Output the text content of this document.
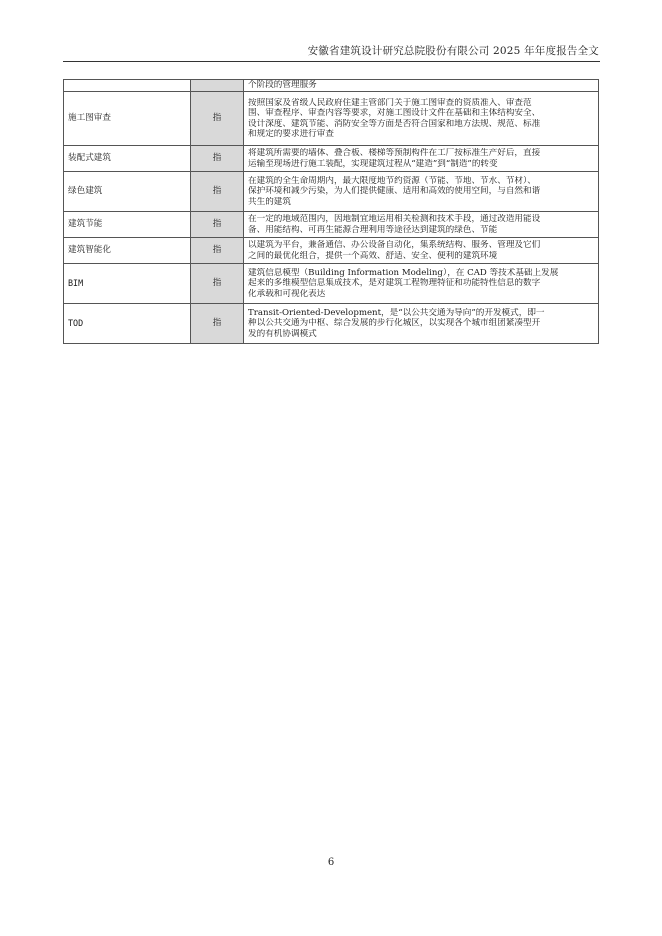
安徽省建筑设计研究总院股份有限公司 2025 年年度报告全文

		个阶段的管理服务

施工图审查	指	按照国家及省级人民政府住建主管部门关于施工图审查的资质准入、审查范
围、审查程序、审查内容等要求，对施工图设计文件在基础和主体结构安全、
设计深度、建筑节能、消防安全等方面是否符合国家和地方法规、规范、标准
和规定的要求进行审查

装配式建筑	指	将建筑所需要的墙体、叠合板、楼梯等预制构件在工厂按标准生产好后，直接
运输至现场进行施工装配，实现建筑过程从“建造”到“制造”的转变

绿色建筑	指	在建筑的全生命周期内，最大限度地节约资源（节能、节地、节水、节材）、
保护环境和减少污染，为人们提供健康、适用和高效的使用空间，与自然和谐
共生的建筑

建筑节能	指	在一定的地域范围内，因地制宜地运用相关检测和技术手段，通过改造用能设
备、用能结构、可再生能源合理利用等途径达到建筑的绿色、节能

建筑智能化	指	以建筑为平台，兼备通信、办公设备自动化，集系统结构、服务、管理及它们
之间的最优化组合，提供一个高效、舒适、安全、便利的建筑环境

BIM	指	建筑信息模型（Building Information Modeling），在 CAD 等技术基础上发展
起来的多维模型信息集成技术，是对建筑工程物理特征和功能特性信息的数字
化承载和可视化表达

TOD	指	Transit-Oriented-Development，是“以公共交通为导向”的开发模式，即一
种以公共交通为中枢、综合发展的步行化城区，以实现各个城市组团紧凑型开
发的有机协调模式
6
